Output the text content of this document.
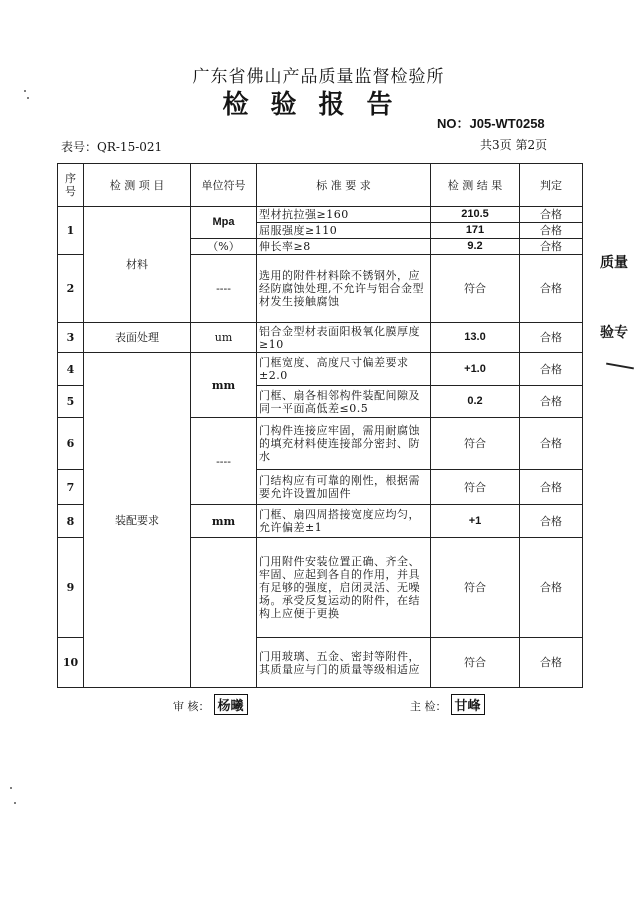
广东省佛山产品质量监督检验所
检验报告
NO：J05-WT0258
表号：QR-15-021	共3页 第2页
序号	检 测 项 目	单位符号	标 准 要 求	检 测 结 果	判定
1	材料	Mpa	型材抗拉强≥160	210.5	合格
			屈服强度≥110	171	合格
		（%）	伸长率≥8	9.2	合格
2		----	选用的附件材料除不锈钢外，应经防腐蚀处理,不允许与铝合金型材发生接触腐蚀	符合	合格
3	表面处理	um	铝合金型材表面阳极氧化膜厚度≥10	13.0	合格
4	装配要求	mm	门框宽度、高度尺寸偏差要求±2.0	+1.0	合格
5			门框、扇各相邻构件装配间隙及同一平面高低差≤0.5	0.2	合格
6		----	门构件连接应牢固，需用耐腐蚀的填充材料使连接部分密封、防水	符合	合格
7			门结构应有可靠的刚性，根据需要允许设置加固件	符合	合格
8		mm	门框、扇四周搭接宽度应均匀，允许偏差±1	+1	合格
9			门用附件安装位置正确、齐全、牢固、应起到各自的作用，并具有足够的强度，启闭灵活、无噪场。承受反复运动的附件，在结构上应便于更换	符合	合格
10			门用玻璃、五金、密封等附件，其质量应与门的质量等级相适应	符合	合格
审 核： 杨曦	主 检： 甘峰
质量
验专
